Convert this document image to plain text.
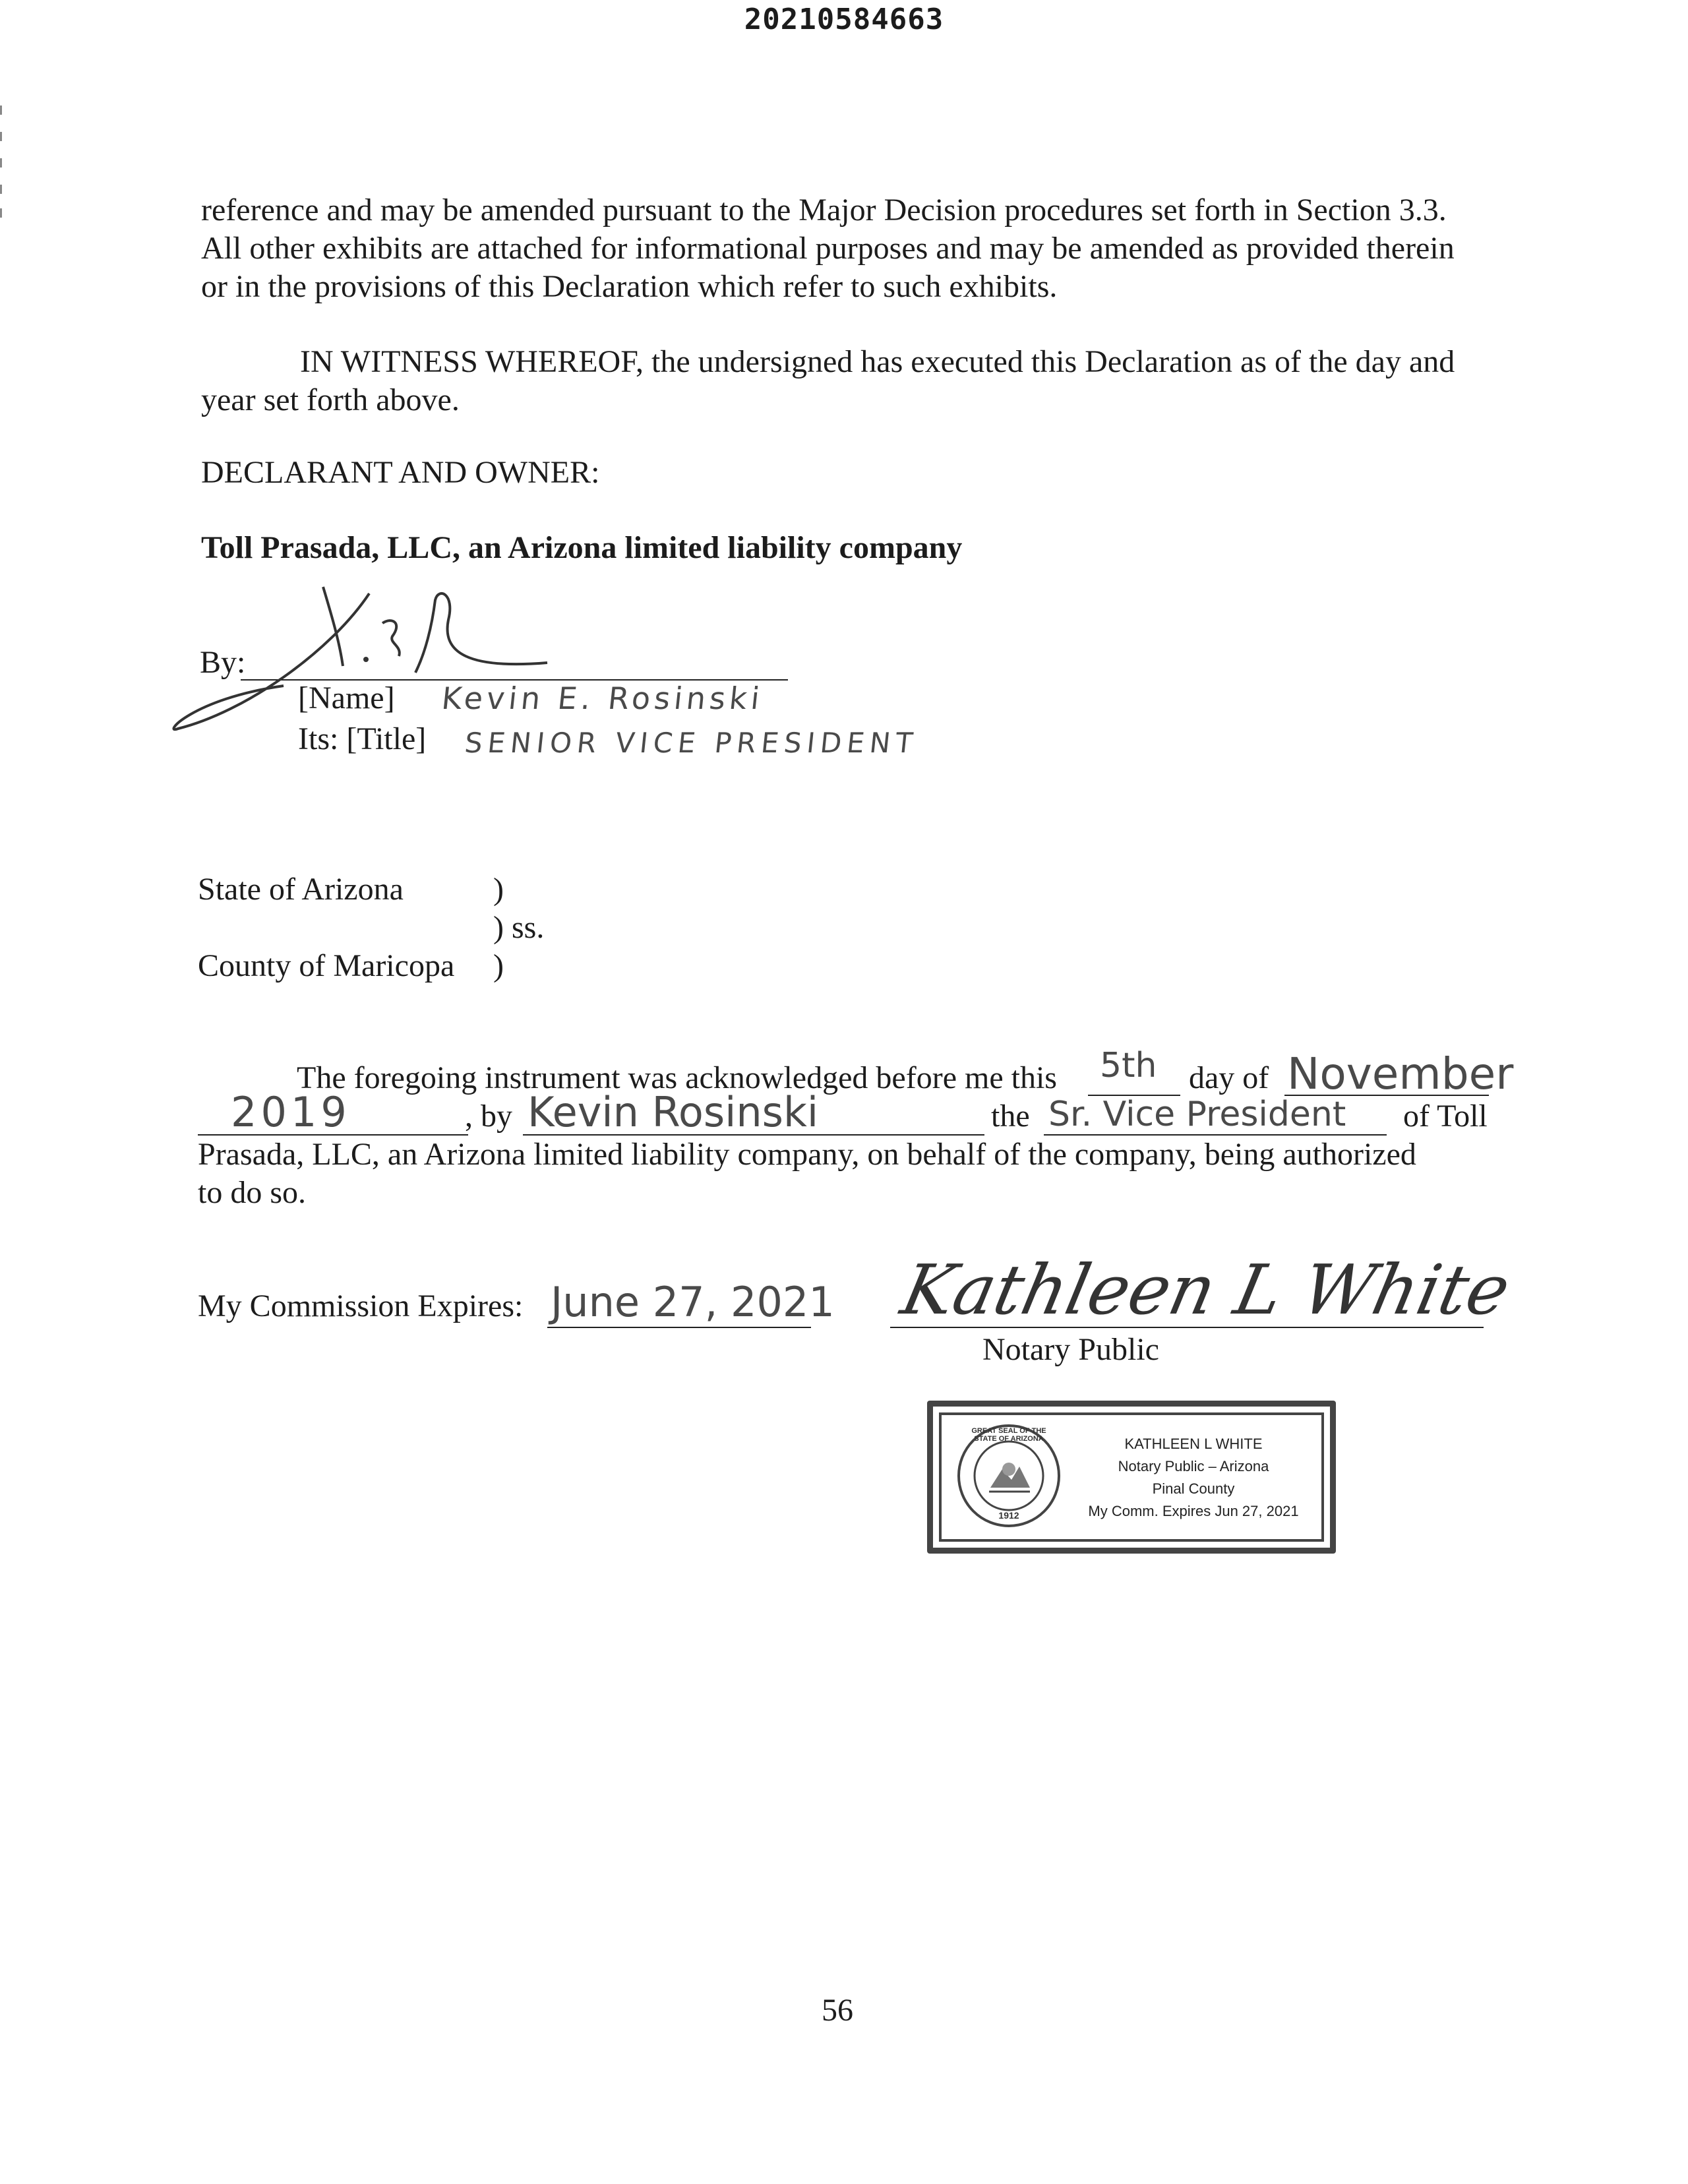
20210584663
reference and may be amended pursuant to the Major Decision procedures set forth in Section 3.3.
All other exhibits are attached for informational purposes and may be amended as provided therein
or in the provisions of this Declaration which refer to such exhibits.
IN WITNESS WHEREOF, the undersigned has executed this Declaration as of the day and
year set forth above.
DECLARANT AND OWNER:
Toll Prasada, LLC, an Arizona limited liability company
By:
[Name] Kevin E. Rosinski
Its: [Title] SENIOR VICE PRESIDENT
State of Arizona	)
) ss.
County of Maricopa )
The foregoing instrument was acknowledged before me this 5th day of November
2019	, by Kevin Rosinski	the Sr. Vice President of Toll
Prasada, LLC, an Arizona limited liability company, on behalf of the company, being authorized
to do so.
My Commission Expires: June 27, 2021 Kathleen L White
Notary Public
GREAT SEAL OF THE STATE OF ARIZONA
1912
KATHLEEN L WHITE
Notary Public – Arizona
Pinal County
My Comm. Expires Jun 27, 2021
56
